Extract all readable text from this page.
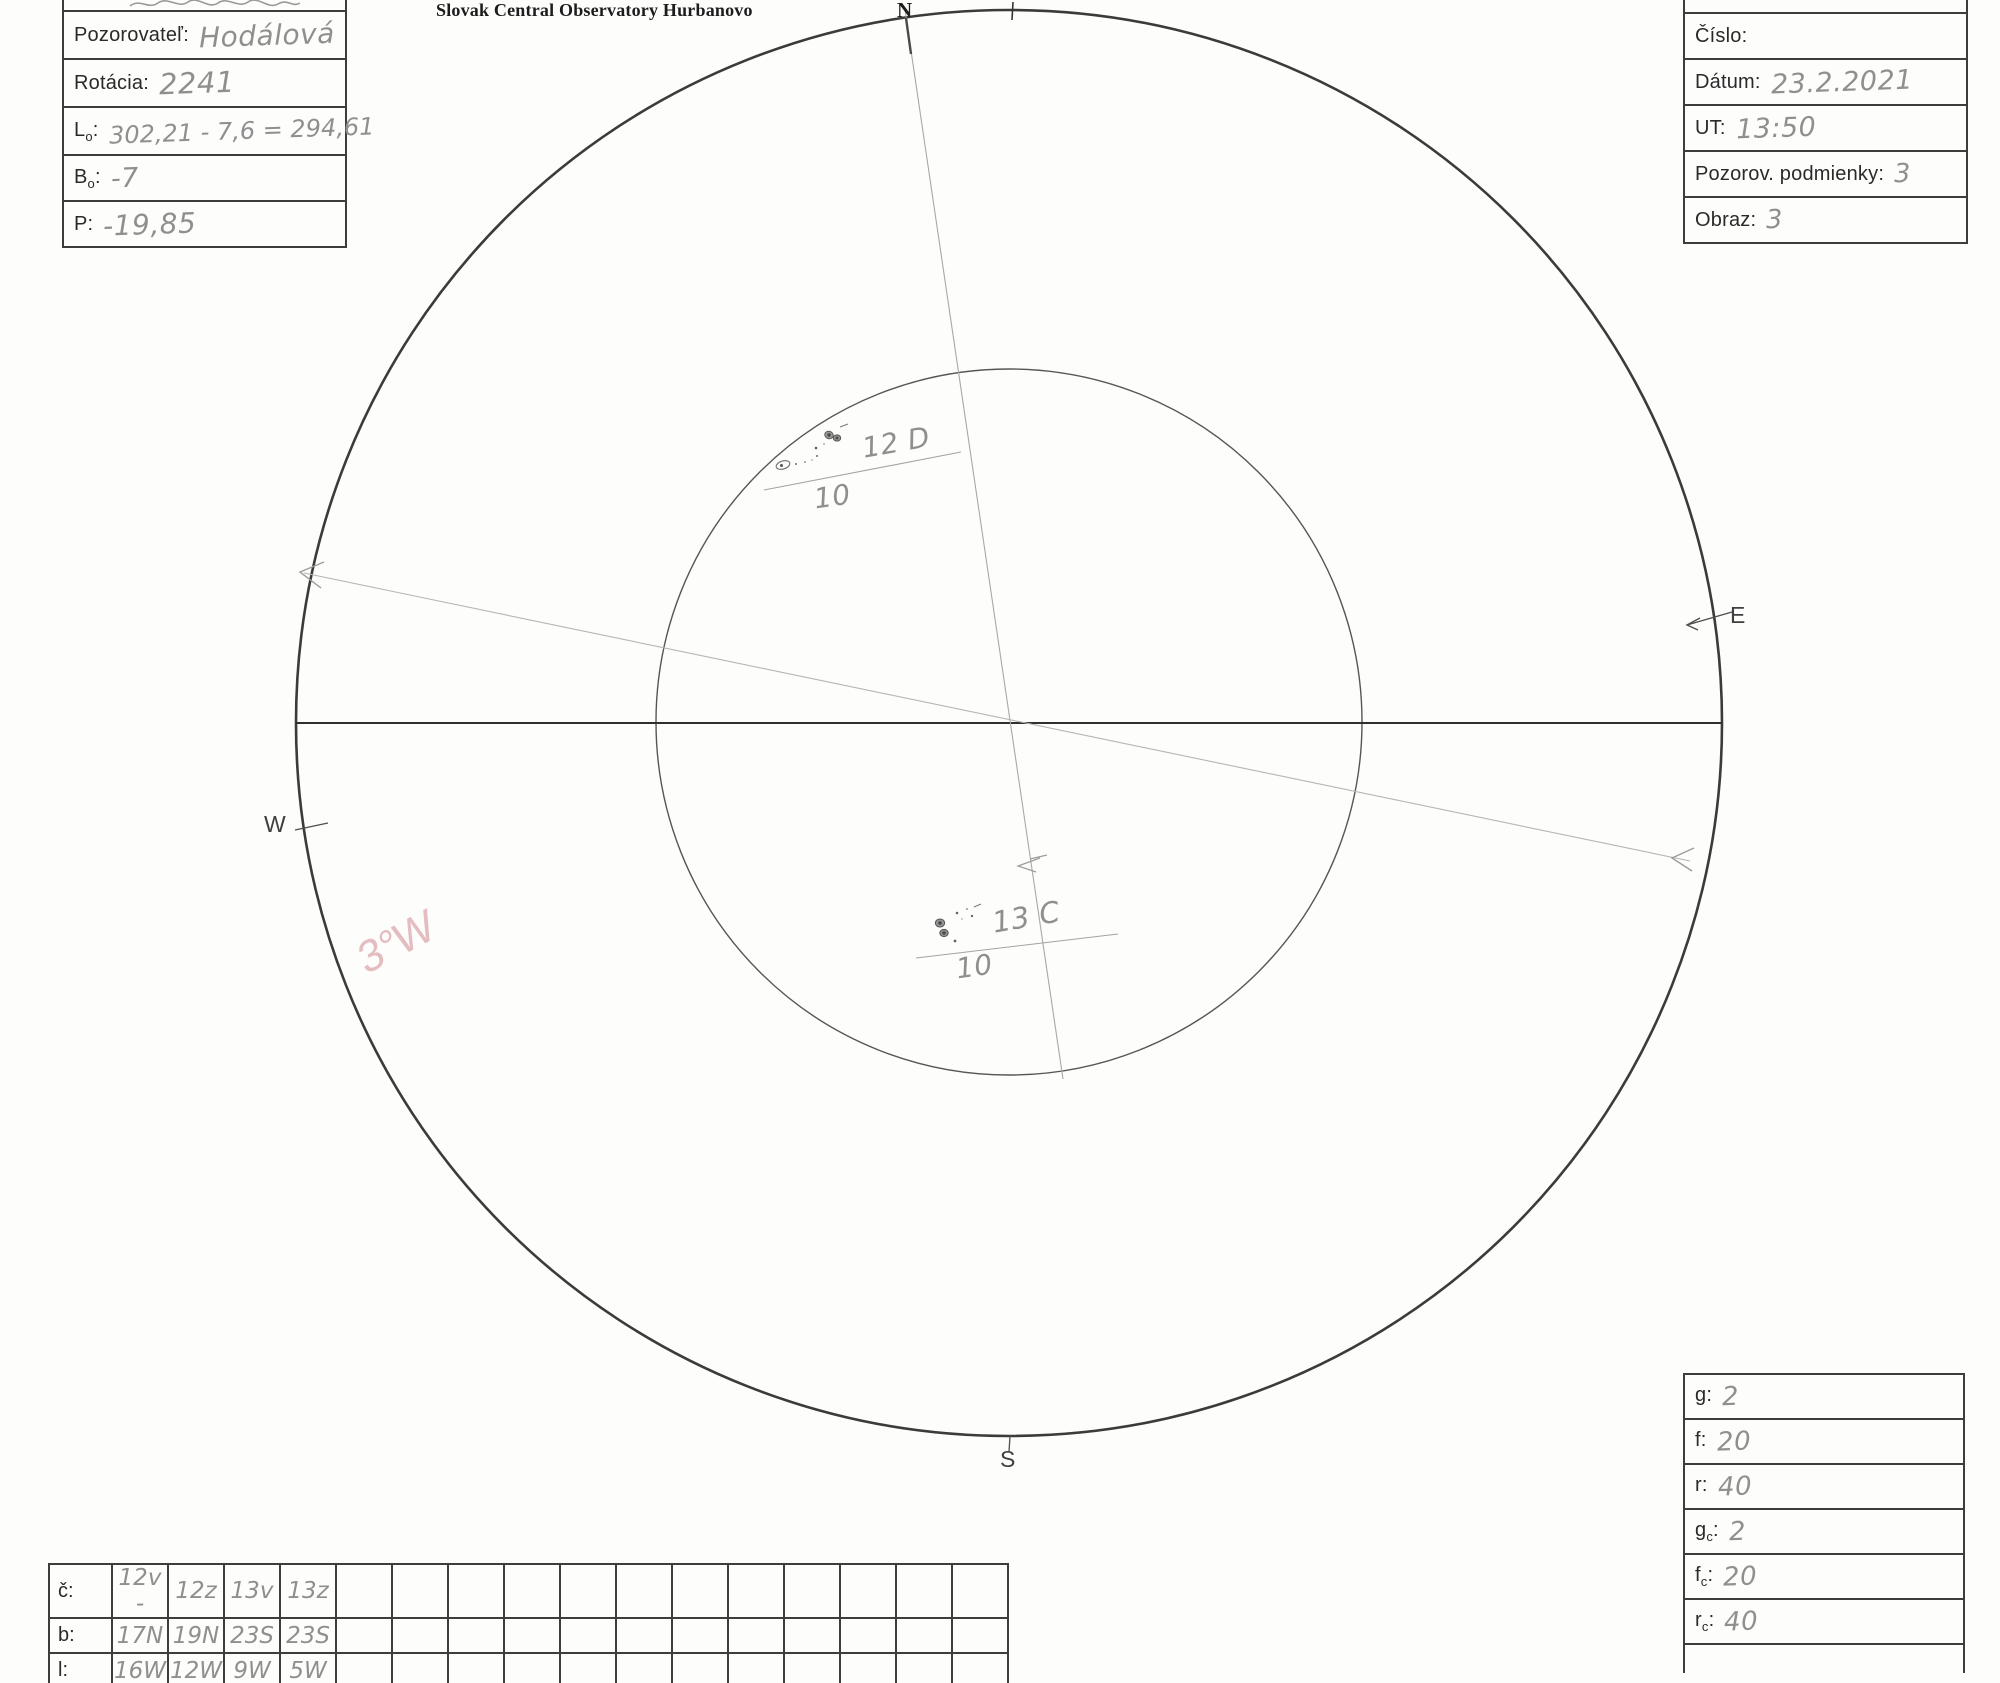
Slovak Central Observatory Hurbanovo	N
E
W
S
12 D
10
13 C
10
3°W
Pozorovateľ: Hodálová
Rotácia: 2241
$L_o$: 302,21 - 7,6 = 294,61
$B_o$: -7
P: -19,85
Číslo:
Dátum: 23.2.2021
UT: 13:50
Pozorov. podmienky: 3
Obraz: 3
g: 2
f: 20
r: 40
$g_c$: 2
$f_c$: 20
$r_c$: 40
č:	12v -	12z	13v	13z												
b:	17N	19N	23S	23S												
l:	16W	12W	9W	5W												
